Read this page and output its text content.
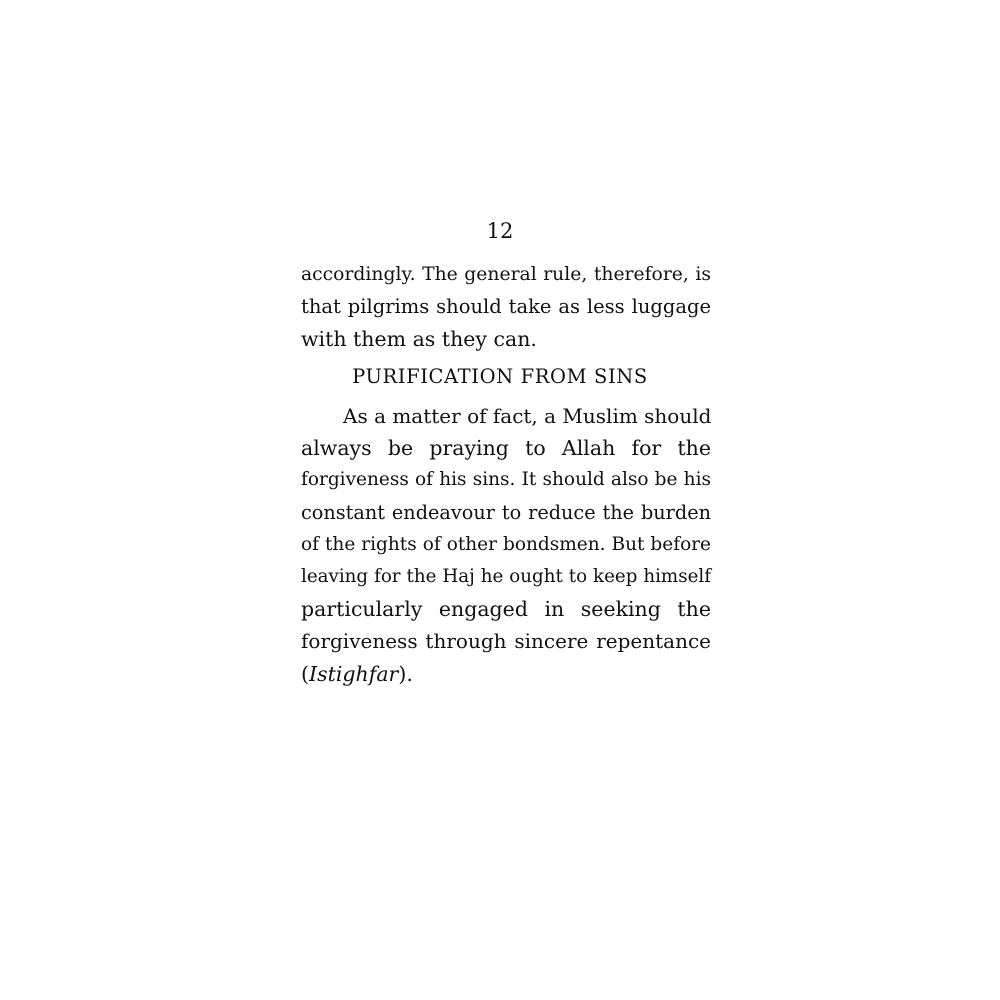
12

accordingly. The general rule, therefore, is
that pilgrims should take as less luggage
with them as they can.
PURIFICATION FROM SINS
As a matter of fact, a Muslim should
always be praying to Allah for the
forgiveness of his sins. It should also be his
constant endeavour to reduce the burden
of the rights of other bondsmen. But before
leaving for the Haj he ought to keep himself
particularly engaged in seeking the
forgiveness through sincere repentance
(Istighfar).
